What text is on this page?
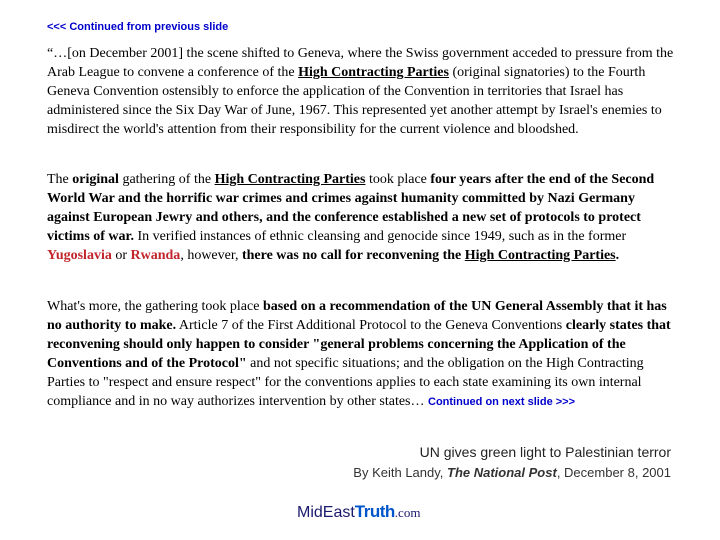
<<< Continued from previous slide

“…[on December 2001] the scene shifted to Geneva, where the Swiss government acceded to pressure from the Arab League to convene a conference of the High Contracting Parties (original signatories) to the Fourth Geneva Convention ostensibly to enforce the application of the Convention in territories that Israel has administered since the Six Day War of June, 1967. This represented yet another attempt by Israel's enemies to misdirect the world's attention from their responsibility for the current violence and bloodshed.

The original gathering of the High Contracting Parties took place four years after the end of the Second World War and the horrific war crimes and crimes against humanity committed by Nazi Germany against European Jewry and others, and the conference established a new set of protocols to protect victims of war. In verified instances of ethnic cleansing and genocide since 1949, such as in the former Yugoslavia or Rwanda, however, there was no call for reconvening the High Contracting Parties.

What's more, the gathering took place based on a recommendation of the UN General Assembly that it has no authority to make. Article 7 of the First Additional Protocol to the Geneva Conventions clearly states that reconvening should only happen to consider "general problems concerning the Application of the Conventions and of the Protocol" and not specific situations; and the obligation on the High Contracting Parties to "respect and ensure respect" for the conventions applies to each state examining its own internal compliance and in no way authorizes intervention by other states… Continued on next slide >>>

UN gives green light to Palestinian terror
By Keith Landy, The National Post, December 8, 2001
MidEastTruth.com
